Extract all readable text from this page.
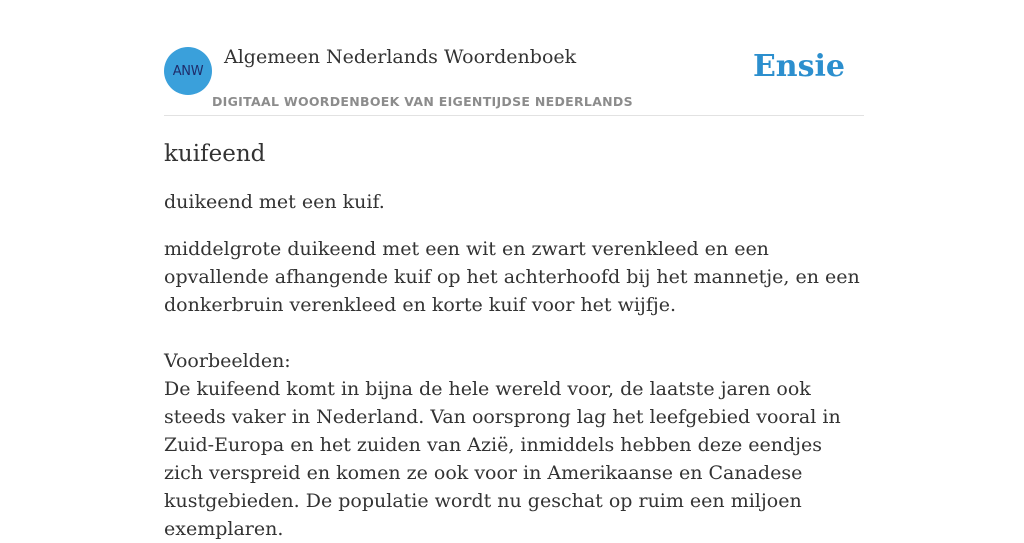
ANW
Algemeen Nederlands Woordenboek
DIGITAAL WOORDENBOEK VAN EIGENTIJDSE NEDERLANDS
Ensie
kuifeend

duikeend met een kuif.

middelgrote duikeend met een wit en zwart verenkleed en een opvallende afhangende kuif op het achterhoofd bij het mannetje, en een donkerbruin verenkleed en korte kuif voor het wijfje.

Voorbeelden:
De kuifeend komt in bijna de hele wereld voor, de laatste jaren ook steeds vaker in Nederland. Van oorsprong lag het leefgebied vooral in Zuid-Europa en het zuiden van Azië, inmiddels hebben deze eendjes zich verspreid en komen ze ook voor in Amerikaanse en Canadese kustgebieden. De populatie wordt nu geschat op ruim een miljoen exemplaren.
